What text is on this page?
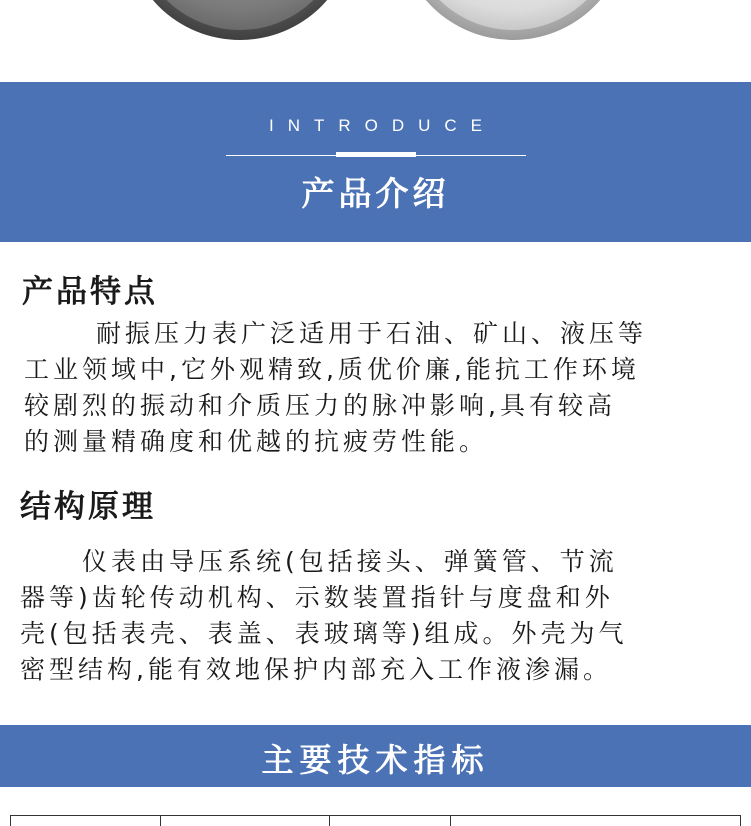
INTRODUCE
产品介绍
产品特点
耐振压力表广泛适用于石油、矿山、液压等
工业领域中,它外观精致,质优价廉,能抗工作环境
较剧烈的振动和介质压力的脉冲影响,具有较高
的测量精确度和优越的抗疲劳性能。
结构原理
仪表由导压系统(包括接头、弹簧管、节流
器等)齿轮传动机构、示数装置指针与度盘和外
壳(包括表壳、表盖、表玻璃等)组成。外壳为气
密型结构,能有效地保护内部充入工作液渗漏。
主要技术指标
